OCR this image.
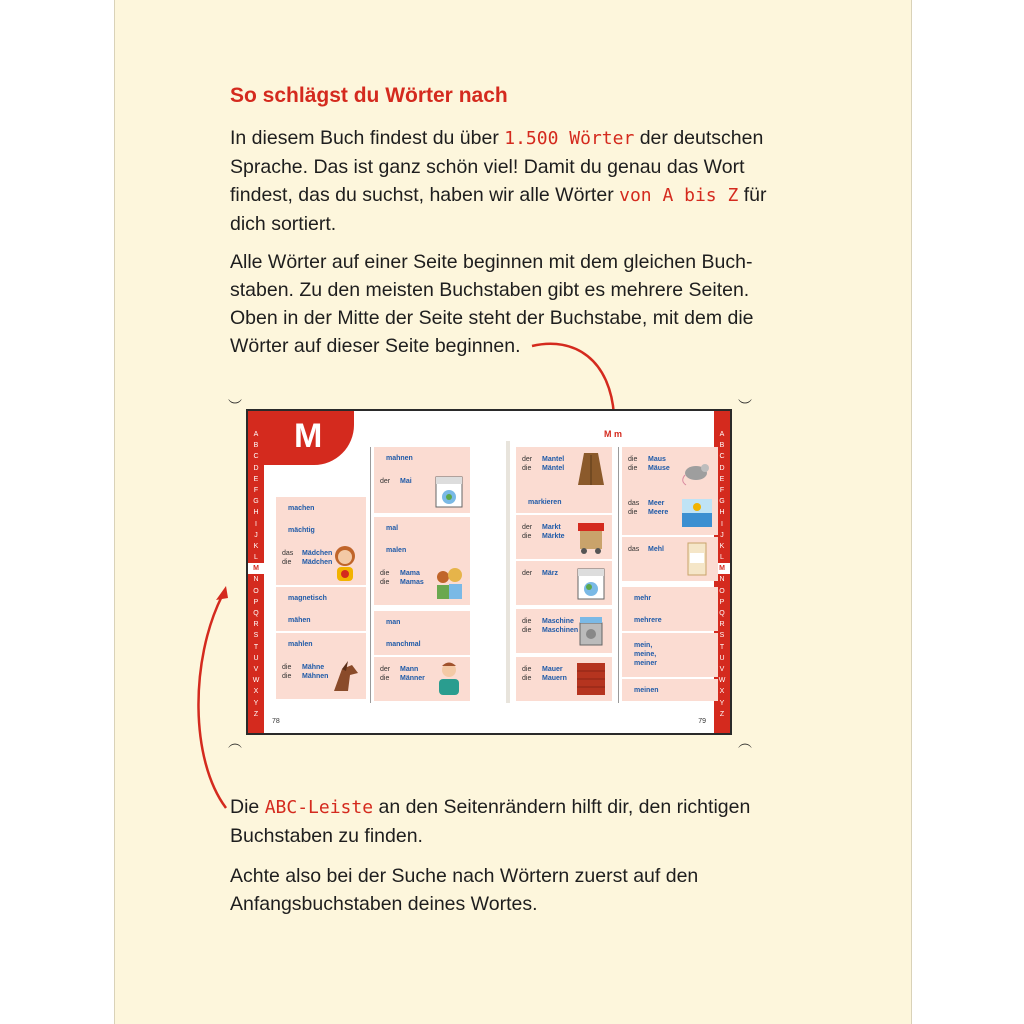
So schlägst du Wörter nach

In diesem Buch findest du über 1.500 Wörter der deutschen Sprache. Das ist ganz schön viel! Damit du genau das Wort findest, das du suchst, haben wir alle Wörter von A bis Z für dich sortiert.

Alle Wörter auf einer Seite beginnen mit dem gleichen Buch-staben. Zu den meisten Buchstaben gibt es mehrere Seiten. Oben in der Mitte der Seite steht der Buchstabe, mit dem die Wörter auf dieser Seite beginnen.

Die ABC-Leiste an den Seitenrändern hilft dir, den richtigen Buchstaben zu finden.

Achte also bei der Suche nach Wörtern zuerst auf den Anfangsbuchstaben deines Wortes.
︶	︶
︵	︵
A
B
C
D
E
F
G
H
I
J
K
L
M
N
O
P
Q
R
S
T
U
V
W
X
Y
Z
A
B
C
D
E
F
G
H
I
J
K
L
M
N
O
P
Q
R
S
T
U
V
W
X
Y
Z
M	M m
machen
mächtig
das
dieMädchen
Mädchen
magnetisch
mähen
mahlen
die
dieMähne
Mähnen
mahnen
der Mai
mal
malen
die
dieMama
Mamas
man
manchmal
der
dieMann
Männer
der
dieMantel
Mäntel
markieren
der
dieMarkt
Märkte
der März
die
dieMaschine
Maschinen
die
dieMauer
Mauern
die
dieMaus
Mäuse
das
dieMeer
Meere
das Mehl
mehr
mehrere
mein,
meine,
meiner
meinen
78	79
